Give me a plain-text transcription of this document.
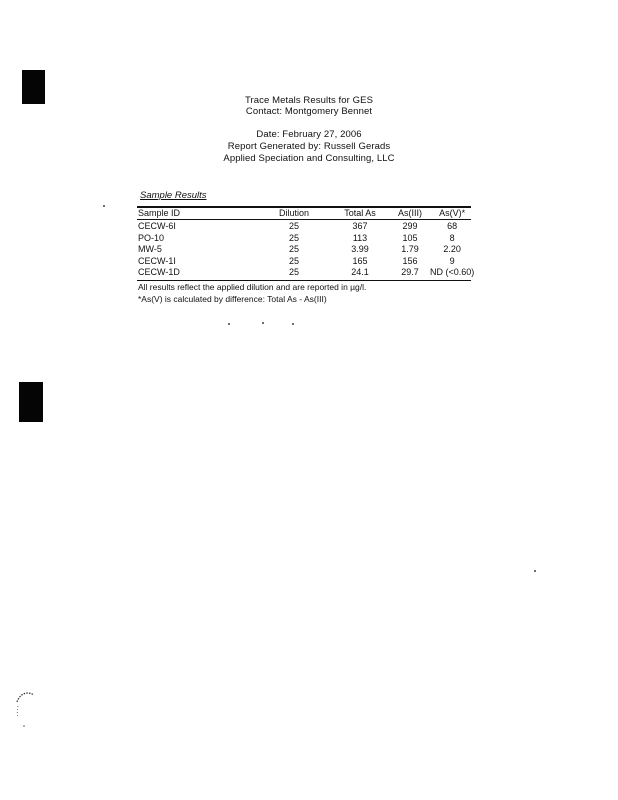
Trace Metals Results for GES
Contact: Montgomery Bennet
Date: February 27, 2006
Report Generated by: Russell Gerads
Applied Speciation and Consulting, LLC
Sample Results
Sample ID	Dilution	Total As	As(III)	As(V)*
CECW-6I	25	367	299	68
PO-10	25	113	105	8
MW-5	25	3.99	1.79	2.20
CECW-1I	25	165	156	9
CECW-1D	25	24.1	29.7	ND (<0.60)
All results reflect the applied dilution and are reported in µg/l.
*As(V) is calculated by difference: Total As - As(III)
